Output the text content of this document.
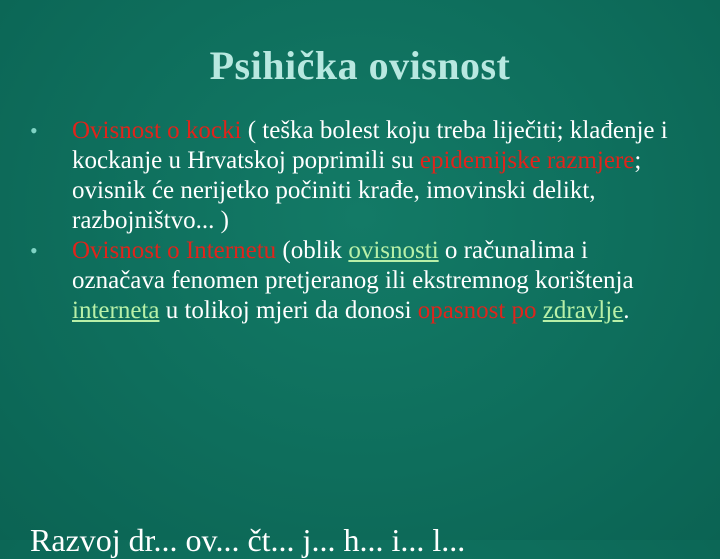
Psihička ovisnost
• Ovisnost o kocki ( teška bolest koju treba liječiti; klađenje i kockanje u Hrvatskoj poprimili su epidemijske razmjere; ovisnik će nerijetko počiniti krađe, imovinski delikt, razbojništvo... )
• Ovisnost o Internetu (oblik ovisnosti o računalima i označava fenomen pretjeranog ili ekstremnog korištenja interneta u tolikoj mjeri da donosi opasnost po zdravlje.
Razvoj dr... ov... čt... j... h... i... l...
